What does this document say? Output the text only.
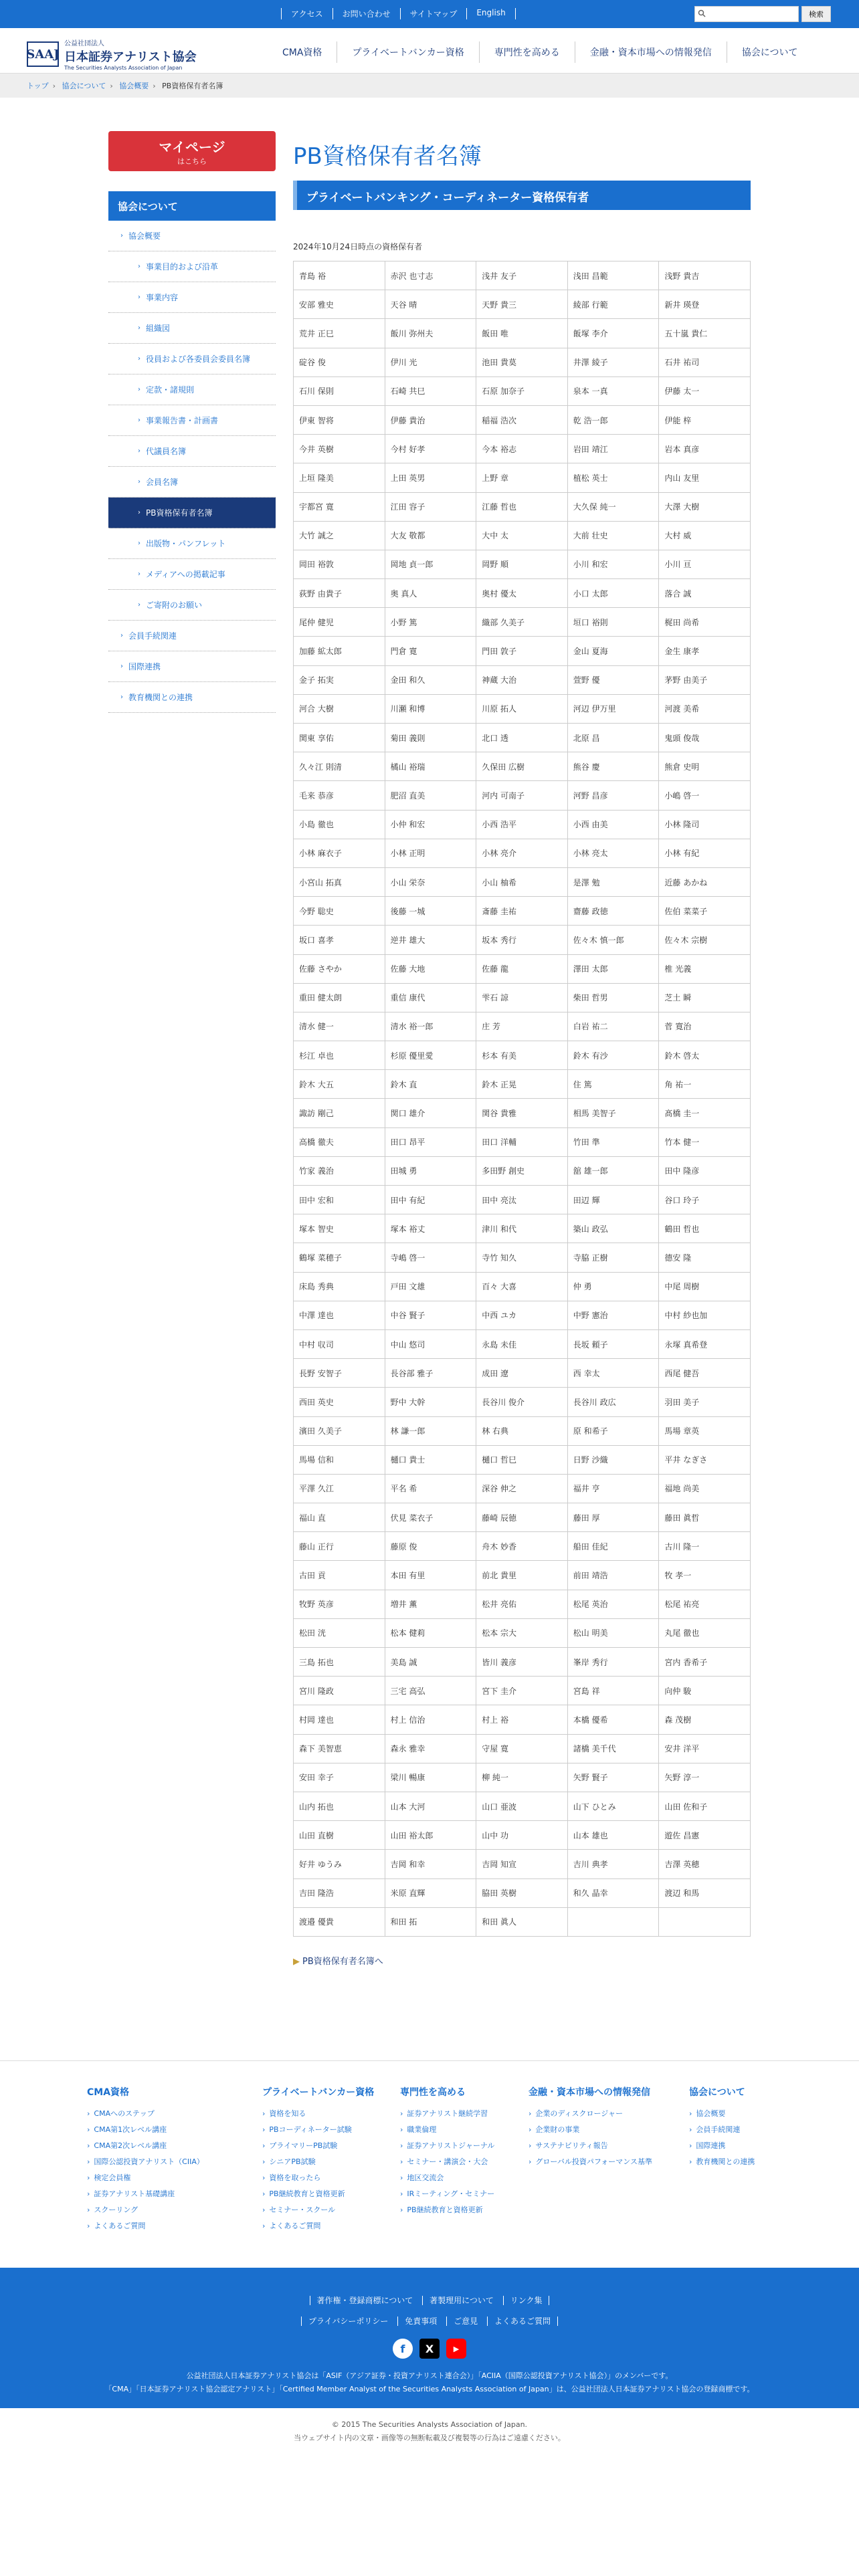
アクセス	お問い合わせ	サイトマップ	English	検索
SAAJ
公益社団法人
日本証券アナリスト協会
The Securities Analysts Association of Japan
CMA資格	プライベートバンカー資格	専門性を高める	金融・資本市場への情報発信	協会について
トップ › 協会について › 協会概要 › PB資格保有者名簿
マイページ
はこちら
協会について
› 協会概要
› 事業目的および沿革
› 事業内容
› 組織図
› 役員および各委員会委員名簿
› 定款・諸規則
› 事業報告書・計画書
› 代議員名簿
› 会員名簿
› PB資格保有者名簿
› 出版物・パンフレット
› メディアへの掲載記事
› ご寄附のお願い
› 会員手続関連
› 国際連携
› 教育機関との連携
PB資格保有者名簿
プライベートバンキング・コーディネーター資格保有者
2024年10月24日時点の資格保有者
青島 裕	赤沢 也寸志	浅井 友子	浅田 昌範	浅野 貴吉
安部 雅史	天谷 晴	天野 貴三	綾部 行範	新井 瑛登
荒井 正巳	飯川 弥州夫	飯田 唯	飯塚 李介	五十嵐 貴仁
碇谷 俊	伊川 光	池田 貴莫	井澤 綾子	石井 祐司
石川 保則	石崎 共巳	石原 加奈子	泉本 一真	伊藤 太一
伊東 智将	伊藤 貴治	稲福 浩次	乾 浩一郎	伊能 梓
今井 英樹	今村 好孝	今本 裕志	岩田 靖江	岩本 真彦
上垣 隆美	上田 英男	上野 章	植松 英士	内山 友里
宇都宮 寛	江田 容子	江藤 哲也	大久保 純一	大澤 大樹
大竹 誠之	大友 敬都	大中 太	大前 壮史	大村 威
岡田 裕敦	岡地 貞一郎	岡野 順	小川 和宏	小川 亘
荻野 由貴子	奥 真人	奥村 優太	小口 太郎	落合 誠
尾仲 健児	小野 篤	織部 久美子	垣口 裕則	梶田 尚希
加藤 絋太郎	門倉 寛	門田 敦子	金山 夏海	金生 康孝
金子 拓実	金田 和久	神蔵 大治	萱野 優	茅野 由美子
河合 大樹	川瀬 和博	川原 拓人	河辺 伊万里	河渡 美希
関東 享佑	菊田 義則	北口 透	北原 昌	鬼頭 俊哉
久々江 則清	橘山 裕瑞	久保田 広樹	熊谷 慶	熊倉 史明
毛来 恭彦	肥沼 直美	河内 可南子	河野 昌彦	小嶋 啓一
小島 徹也	小仲 和宏	小西 浩平	小西 由美	小林 隆司
小林 麻衣子	小林 正明	小林 亮介	小林 亮太	小林 有紀
小宮山 拓真	小山 栄奈	小山 柚希	是澤 勉	近藤 あかね
今野 聡史	後藤 一城	斎藤 圭祐	齋藤 政徳	佐伯 菜菜子
坂口 喜孝	逆井 雄大	坂本 秀行	佐々木 慎一郎	佐々木 宗樹
佐藤 さやか	佐藤 大地	佐藤 龍	澤田 太郎	椎 光義
重田 健太朗	重信 康代	雫石 諒	柴田 哲男	芝土 瞬
清水 健一	清水 裕一郎	庄 芳	白岩 祐二	菅 寛治
杉江 卓也	杉原 優里愛	杉本 有美	鈴木 有沙	鈴木 啓太
鈴木 大五	鈴木 直	鈴木 正晃	住 篤	角 祐一
諏訪 剛己	関口 雄介	関谷 貴雅	相馬 美智子	髙橋 圭一
高橋 徹夫	田口 昂平	田口 洋輔	竹田 準	竹本 健一
竹家 義治	田城 勇	多田野 創史	舘 雄一郎	田中 隆彦
田中 宏和	田中 有紀	田中 亮汰	田辺 輝	谷口 玲子
塚本 智史	塚本 裕丈	津川 和代	築山 政弘	鶴田 哲也
鶴塚 菜穂子	寺嶋 啓一	寺竹 知久	寺脇 正樹	德安 隆
床島 秀典	戸田 文雄	百々 大喜	仲 勇	中尾 周樹
中澤 達也	中谷 賢子	中西 ユカ	中野 憲治	中村 紗也加
中村 収司	中山 悠司	永島 未佳	長坂 頼子	永塚 真希登
長野 安智子	長谷部 雅子	成田 遼	西 幸太	西尾 健吾
西田 英史	野中 大幹	長谷川 俊介	長谷川 政広	羽田 美子
濱田 久美子	林 謙一郎	林 右典	原 和希子	馬場 章英
馬場 信和	樋口 貴士	樋口 哲巳	日野 沙織	平井 なぎさ
平澤 久江	平名 希	深谷 伸之	福井 亨	福地 尚美
福山 直	伏見 菜衣子	藤崎 辰徳	藤田 厚	藤田 眞哲
藤山 正行	藤原 俊	舟木 妙香	船田 佳紀	古川 隆一
古田 貢	本田 有里	前北 貴里	前田 靖浩	牧 孝一
牧野 英彦	増井 薫	松井 亮佑	松尾 英治	松尾 祐亮
松田 洸	松本 健莉	松本 宗大	松山 明美	丸尾 徹也
三島 拓也	美島 誠	皆川 義彦	峯岸 秀行	宮内 香希子
宮川 隆政	三宅 高弘	宮下 圭介	宮島 祥	向仲 駿
村岡 達也	村上 信治	村上 裕	本橋 優希	森 茂樹
森下 美智恵	森永 雅幸	守屋 寛	諸橋 美千代	安井 洋平
安田 幸子	梁川 暢康	柳 純一	矢野 賢子	矢野 淳一
山内 拓也	山本 大河	山口 亜波	山下 ひとみ	山田 佐和子
山田 直樹	山田 裕太郎	山中 功	山本 雄也	遊佐 昌憲
好井 ゆうみ	吉岡 和幸	吉岡 知宣	吉川 典孝	吉澤 英穂
吉田 隆浩	米原 直輝	脇田 英樹	和久 晶幸	渡辺 和馬
渡邉 優貴	和田 拓	和田 眞人		
▶ PB資格保有者名簿へ
CMA資格
› CMAへのステップ
› CMA第1次レベル講座
› CMA第2次レベル講座
› 国際公認投資アナリスト（CIIA）
› 検定会員権
› 証券アナリスト基礎講座
› スクーリング
› よくあるご質問
プライベートバンカー資格
› 資格を知る
› PBコーディネーター試験
› プライマリーPB試験
› シニアPB試験
› 資格を取ったら
› PB継続教育と資格更新
› セミナー・スクール
› よくあるご質問
専門性を高める
› 証券アナリスト継続学習
› 職業倫理
› 証券アナリストジャーナル
› セミナー・講演会・大会
› 地区交流会
› IRミーティング・セミナー
› PB継続教育と資格更新
金融・資本市場への情報発信
› 企業のディスクロージャー
› 企業財の事業
› サステナビリティ報告
› グローバル投資パフォーマンス基準
協会について
› 協会概要
› 会員手続関連
› 国際連携
› 教育機関との連携
著作権・登録商標について 著製理用について リンク集
プライバシーポリシー 免責事項 ご意見 よくあるご質問
f	X	▶
公益社団法人日本証券アナリスト協会は「ASIF（アジア証券・投資アナリスト連合会）」「ACIIA（国際公認投資アナリスト協会）」のメンバーです。
「CMA」「日本証券アナリスト協会認定アナリスト」「Certified Member Analyst of the Securities Analysts Association of Japan」は、公益社団法人日本証券アナリスト協会の登録商標です。
© 2015 The Securities Analysts Association of Japan.
当ウェブサイト内の文章・画像等の無断転載及び複製等の行為はご遠慮ください。
